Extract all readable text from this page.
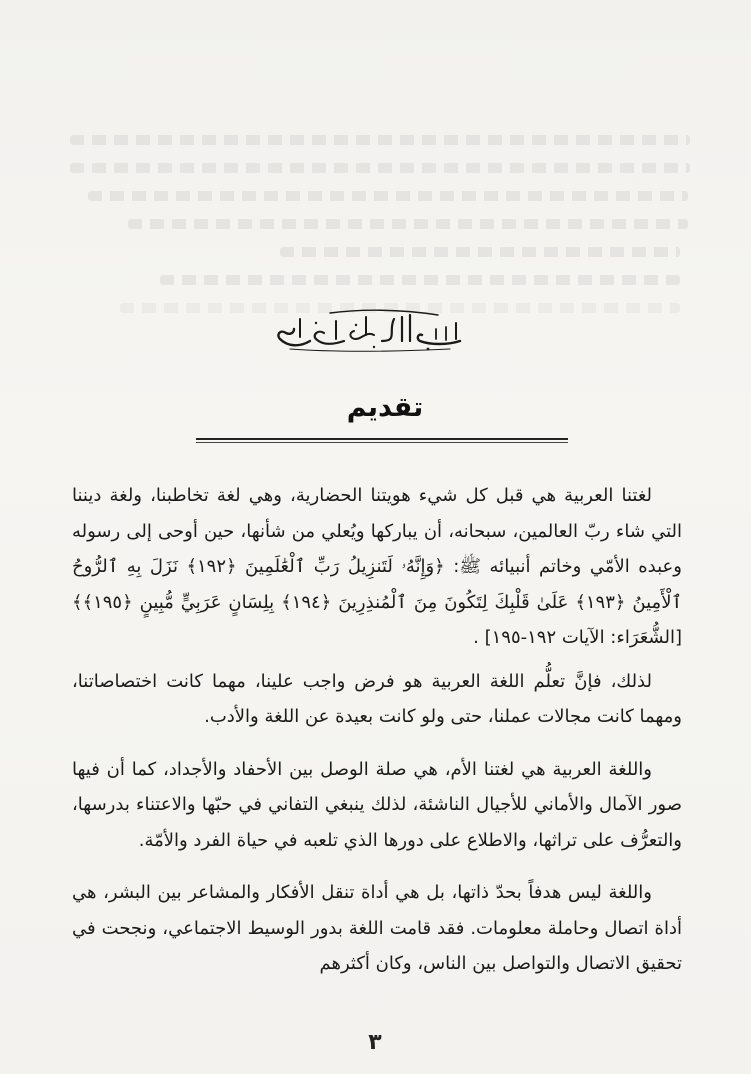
تقديم

لغتنا العربية هي قبل كل شيء هويتنا الحضارية، وهي لغة تخاطبنا، ولغة ديننا التي شاء ربّ العالمين، سبحانه، أن يباركها ويُعلي من شأنها، حين أوحى إلى رسوله وعبده الأمّي وخاتم أنبيائه ﷺ: ﴿وَإِنَّهُۥ لَتَنزِيلُ رَبِّ ٱلْعَٰلَمِينَ ﴿١٩٢﴾ نَزَلَ بِهِ ٱلرُّوحُ ٱلْأَمِينُ ﴿١٩٣﴾ عَلَىٰ قَلْبِكَ لِتَكُونَ مِنَ ٱلْمُنذِرِينَ ﴿١٩٤﴾ بِلِسَانٍ عَرَبِيٍّ مُّبِينٍ ﴿١٩٥﴾﴾ [الشُّعَرَاء: الآيات ١٩٢-١٩٥] .

لذلك، فإنَّ تعلُّم اللغة العربية هو فرض واجب علينا، مهما كانت اختصاصاتنا، ومهما كانت مجالات عملنا، حتى ولو كانت بعيدة عن اللغة والأدب.

واللغة العربية هي لغتنا الأم، هي صلة الوصل بين الأحفاد والأجداد، كما أن فيها صور الآمال والأماني للأجيال الناشئة، لذلك ينبغي التفاني في حبّها والاعتناء بدرسها، والتعرُّف على تراثها، والاطلاع على دورها الذي تلعبه في حياة الفرد والأمّة.

واللغة ليس هدفاً بحدّ ذاتها، بل هي أداة تنقل الأفكار والمشاعر بين البشر، هي أداة اتصال وحاملة معلومات. فقد قامت اللغة بدور الوسيط الاجتماعي، ونجحت في تحقيق الاتصال والتواصل بين الناس، وكان أكثرهم

٣
